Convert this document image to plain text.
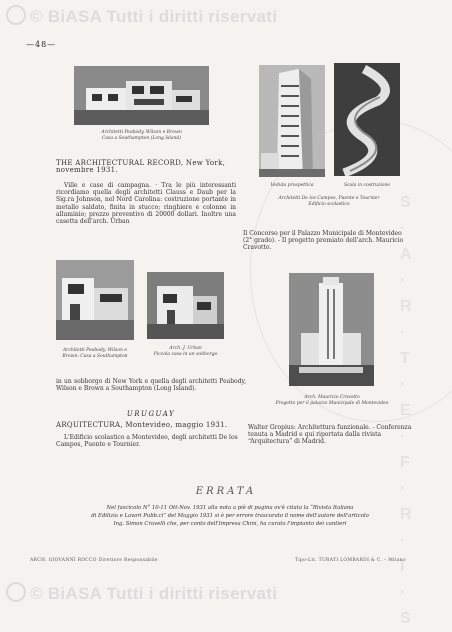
S · A · R · T · E · F · R · I · S
© BiASA Tutti i diritti riservati
—48—
Architetti Peabody, Wilson e Brown
Casa a Southampton (Long Island)
Veduta prospettica	Scala in costruzione
Architetti De los Campos, Puente e Tournier
Edificio scolastico
THE ARCHITECTURAL RECORD, New York, novembre 1931.
Ville e case di campagna. · Tra le più interessanti ricordiamo quella degli architetti Clauss e Daub per la Sig.ra Johnson, nel Nord Carolina: costruzione portante in metallo saldato, finita in stucco; ringhiere e colonne in alluminio; prezzo preventivo di 20000 dollari. Inoltre una casetta dell'arch. Urban
Il Concorso per il Palazzo Municipale di Montevideo (2° grado). - Il progetto premiato dell'arch. Mauricio Cravotto.
Architetti Peabody, Wilson e
Brown: Casa a Southampton
Arch. J. Urban
Piccola casa in un sobborgo
Arch. Mauricio Cravotto
Progetto per il palazzo Municipale di Montevideo
in un sobborgo di New York e quella degli architetti Peabody, Wilson e Brown a Southampton (Long Island).
URUGUAY
ARQUITECTURA, Montevideo, maggio 1931.
L'Edificio scolastico a Montevideo, degli architetti De los Campos, Puente e Tournier.
Walter Gropius: Architettura funzionale. - Conferenza tenuta a Madrid e qui riportata dalla rivista “Arquitectura” di Madrid.
ERRATA
Nel fascicolo N° 10-11 Ott-Nov. 1931 alla nota a piè di pagina ov'è citata la “Rivista Italiana
di Edilizia e Lavori Pubb.ci” del Maggio 1931 si è per errore trascurato il nome dell'autore dell'articolo
Ing. Simon Cravelli che, per conto dell'Impresa Chini, ha curato l'impianto dei cantieri
ARCH. GIOVANNI ROCCO Direttore Responsabile	Tipo-Lit. TURATI LOMBARDI & C. – Milano
© BiASA Tutti i diritti riservati
